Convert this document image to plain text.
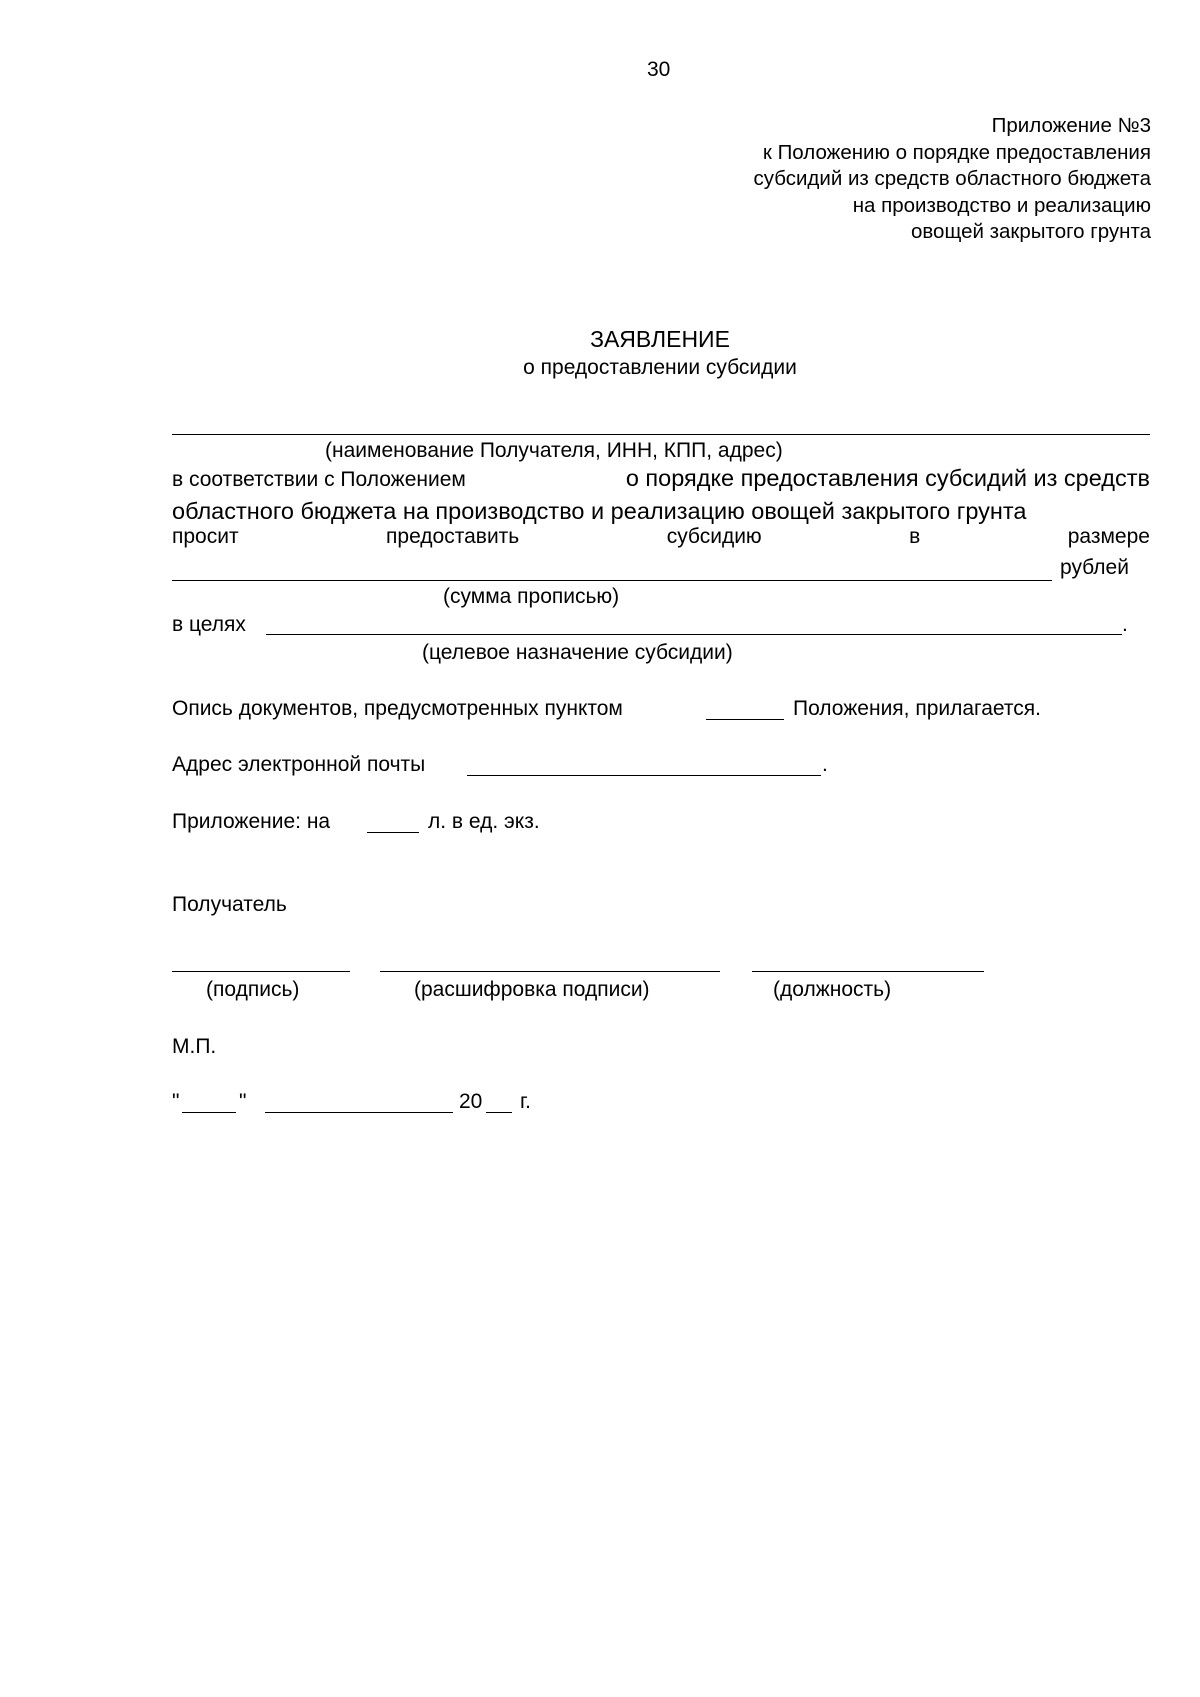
30
Приложение №3
к Положению о порядке предоставления
субсидий из средств областного бюджета
на производство и реализацию
овощей закрытого грунта
ЗАЯВЛЕНИЕ
о предоставлении субсидии
(наименование Получателя, ИНН, КПП, адрес)
в соответствии с Положением	о порядке предоставления субсидий из средств
областного бюджета на производство и реализацию овощей закрытого грунта
просит	предоставить	субсидию	в	размере
рублей
(сумма прописью)
в целях	.
(целевое назначение субсидии)
Опись документов, предусмотренных пунктом	Положения, прилагается.
Адрес электронной почты	.
Приложение: на	л. в ед. экз.
Получатель
(подпись)	(расшифровка подписи)	(должность)
М.П.
"	"	20 г.
